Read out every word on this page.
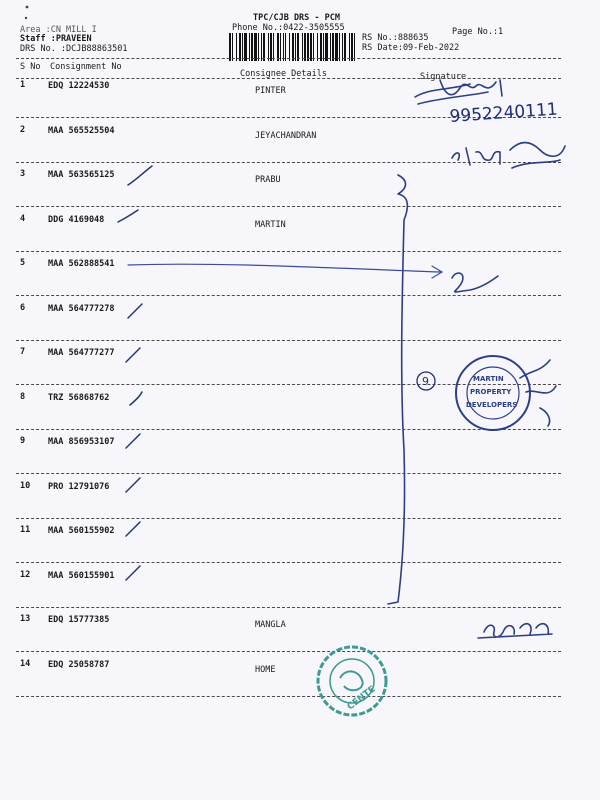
TPC/CJB DRS - PCM
Phone No.:0422-3505555
Area :CN MILL I
Staff :PRAVEEN
DRS No. :DCJB88863501
RS No.:888635
RS Date:09-Feb-2022
Page No.:1
S No Consignment No
Consignee Details	Signature
1	EDQ 12224530	PINTER
2	MAA 565525504	JEYACHANDRAN
3	MAA 563565125	PRABU
4	DDG 4169048	MARTIN
5	MAA 562888541
6	MAA 564777278
7	MAA 564777277
8	TRZ 56868762
9	MAA 856953107
10 PRO 12791076
11 MAA 560155902
12 MAA 560155901
13 EDQ 15777385	MANGLA
14 EDQ 25058787	HOME
9952240111
9	MARTIN
PROPERTY
DEVELOPERS
CENTE
